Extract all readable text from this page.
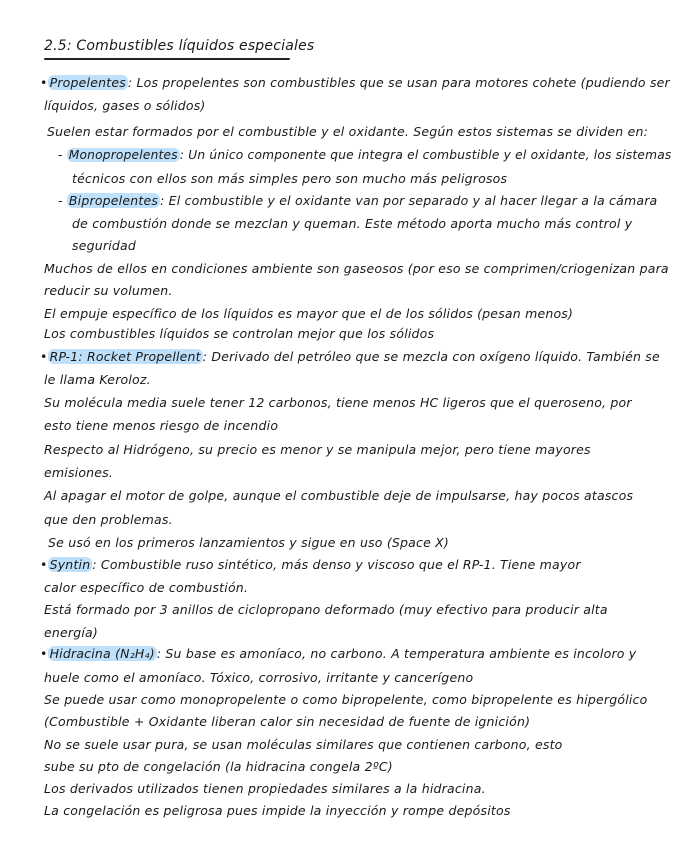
2.5: Combustibles líquidos especiales
• Propelentes : Los propelentes son combustibles que se usan para motores cohete (pudiendo ser
líquidos, gases o sólidos)
Suelen estar formados por el combustible y el oxidante. Según estos sistemas se dividen en:
- Monopropelentes : Un único componente que integra el combustible y el oxidante, los sistemas
técnicos con ellos son más simples pero son mucho más peligrosos
- Bipropelentes : El combustible y el oxidante van por separado y al hacer llegar a la cámara
de combustión donde se mezclan y queman. Este método aporta mucho más control y
seguridad
Muchos de ellos en condiciones ambiente son gaseosos (por eso se comprimen/criogenizan para
reducir su volumen.
El empuje específico de los líquidos es mayor que el de los sólidos (pesan menos)
Los combustibles líquidos se controlan mejor que los sólidos
• RP-1: Rocket Propellent : Derivado del petróleo que se mezcla con oxígeno líquido. También se
le llama Keroloz.
Su molécula media suele tener 12 carbonos, tiene menos HC ligeros que el queroseno, por
esto tiene menos riesgo de incendio
Respecto al Hidrógeno, su precio es menor y se manipula mejor, pero tiene mayores
emisiones.
Al apagar el motor de golpe, aunque el combustible deje de impulsarse, hay pocos atascos
que den problemas.
Se usó en los primeros lanzamientos y sigue en uso (Space X)
• Syntin : Combustible ruso sintético, más denso y viscoso que el RP-1. Tiene mayor
calor específico de combustión.
Está formado por 3 anillos de ciclopropano deformado (muy efectivo para producir alta
energía)
• Hidracina (N₂H₄) : Su base es amoníaco, no carbono. A temperatura ambiente es incoloro y
huele como el amoníaco. Tóxico, corrosivo, irritante y cancerígeno
Se puede usar como monopropelente o como bipropelente, como bipropelente es hipergólico
(Combustible + Oxidante liberan calor sin necesidad de fuente de ignición)
No se suele usar pura, se usan moléculas similares que contienen carbono, esto
sube su pto de congelación (la hidracina congela 2ºC)
Los derivados utilizados tienen propiedades similares a la hidracina.
La congelación es peligrosa pues impide la inyección y rompe depósitos
